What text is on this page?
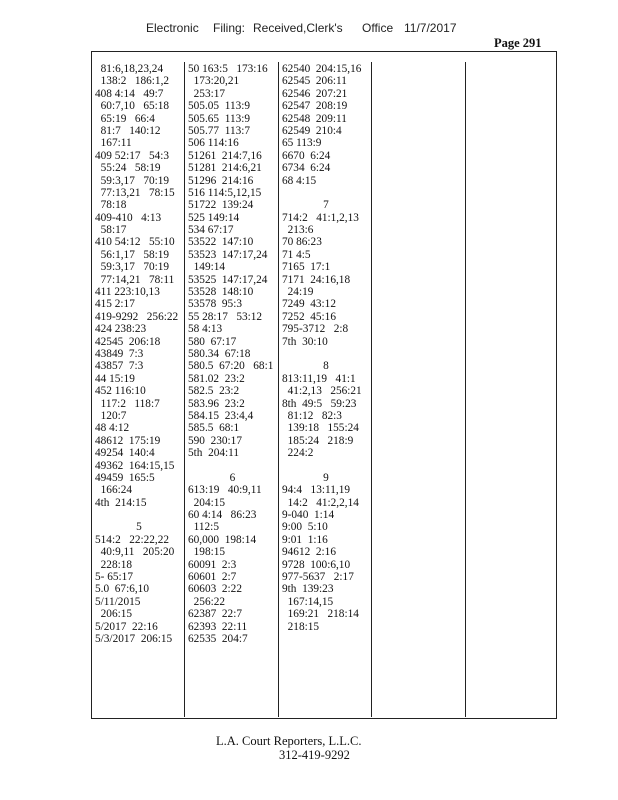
Electronic Filing: Received,Clerk's Office 11/7/2017
Page 291
81:6,18,23,24
138:2   186:1,2
408 4:14   49:7
60:7,10   65:18
65:19   66:4
81:7   140:12
167:11
409 52:17   54:3
55:24   58:19
59:3,17   70:19
77:13,21   78:15
78:18
409-410   4:13
58:17
410 54:12   55:10
56:1,17   58:19
59:3,17   70:19
77:14,21   78:11
411 223:10,13
415 2:17
419-9292   256:22
424 238:23
42545  206:18
43849  7:3
43857  7:3
44 15:19
452 116:10
117:2   118:7
120:7
48 4:12
48612  175:19
49254  140:4
49362  164:15,15
49459  165:5
166:24
4th  214:15
5
514:2   22:22,22
40:9,11   205:20
228:18
5- 65:17
5.0  67:6,10
5/11/2015
206:15
5/2017  22:16
5/3/2017  206:15
50 163:5   173:16
173:20,21
253:17
505.05  113:9
505.65  113:9
505.77  113:7
506 114:16
51261  214:7,16
51281  214:6,21
51296  214:16
516 114:5,12,15
51722  139:24
525 149:14
534 67:17
53522  147:10
53523  147:17,24
149:14
53525  147:17,24
53528  148:10
53578  95:3
55 28:17   53:12
58 4:13
580  67:17
580.34  67:18
580.5  67:20   68:1
581.02  23:2
582.5  23:2
583.96  23:2
584.15  23:4,4
585.5  68:1
590  230:17
5th  204:11
6
613:19   40:9,11
204:15
60 4:14   86:23
112:5
60,000  198:14
198:15
60091  2:3
60601  2:7
60603  2:22
256:22
62387  22:7
62393  22:11
62535  204:7
62540  204:15,16
62545  206:11
62546  207:21
62547  208:19
62548  209:11
62549  210:4
65 113:9
6670  6:24
6734  6:24
68 4:15
7
714:2   41:1,2,13
213:6
70 86:23
71 4:5
7165  17:1
7171  24:16,18
24:19
7249  43:12
7252  45:16
795-3712   2:8
7th  30:10
8
813:11,19   41:1
41:2,13   256:21
8th  49:5   59:23
81:12   82:3
139:18   155:24
185:24   218:9
224:2
9
94:4   13:11,19
14:2   41:2,2,14
9-040  1:14
9:00  5:10
9:01  1:16
94612  2:16
9728  100:6,10
977-5637   2:17
9th  139:23
167:14,15
169:21   218:14
218:15
L.A. Court Reporters, L.L.C.
312-419-9292
